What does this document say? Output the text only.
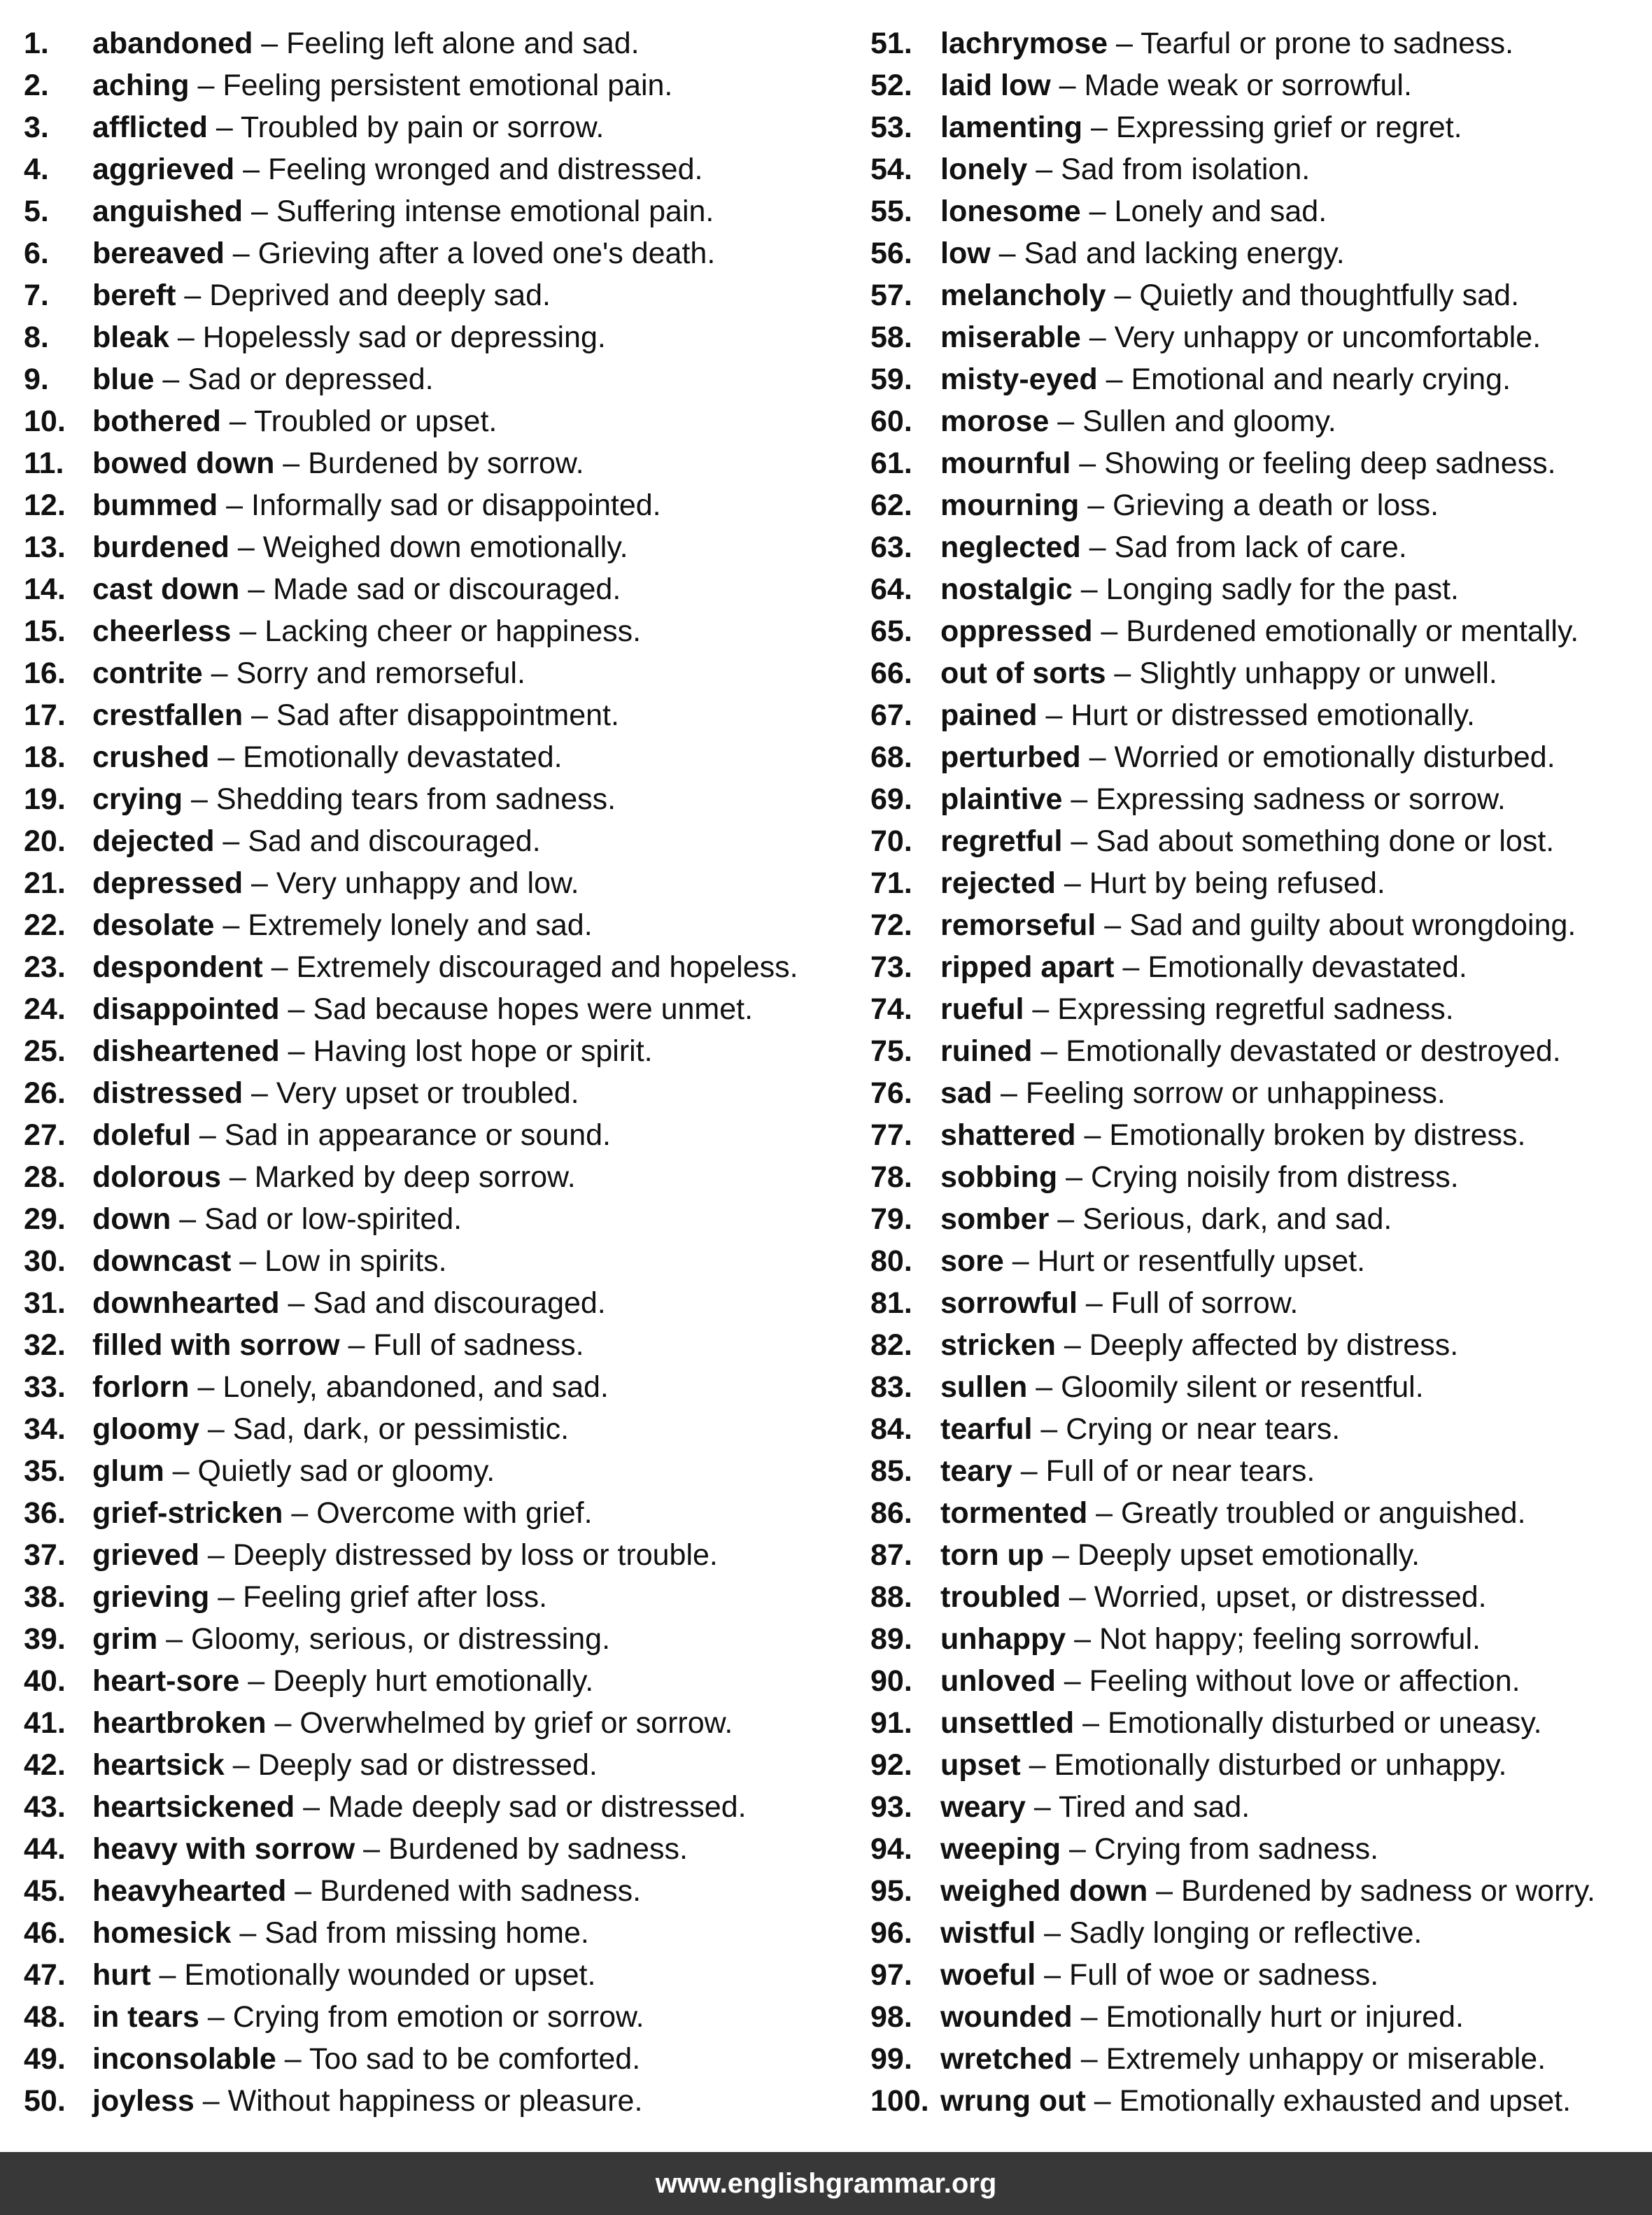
1. abandoned – Feeling left alone and sad.
2. aching – Feeling persistent emotional pain.
3. afflicted – Troubled by pain or sorrow.
4. aggrieved – Feeling wronged and distressed.
5. anguished – Suffering intense emotional pain.
6. bereaved – Grieving after a loved one's death.
7. bereft – Deprived and deeply sad.
8. bleak – Hopelessly sad or depressing.
9. blue – Sad or depressed.
10. bothered – Troubled or upset.
11. bowed down – Burdened by sorrow.
12. bummed – Informally sad or disappointed.
13. burdened – Weighed down emotionally.
14. cast down – Made sad or discouraged.
15. cheerless – Lacking cheer or happiness.
16. contrite – Sorry and remorseful.
17. crestfallen – Sad after disappointment.
18. crushed – Emotionally devastated.
19. crying – Shedding tears from sadness.
20. dejected – Sad and discouraged.
21. depressed – Very unhappy and low.
22. desolate – Extremely lonely and sad.
23. despondent – Extremely discouraged and hopeless.
24. disappointed – Sad because hopes were unmet.
25. disheartened – Having lost hope or spirit.
26. distressed – Very upset or troubled.
27. doleful – Sad in appearance or sound.
28. dolorous – Marked by deep sorrow.
29. down – Sad or low-spirited.
30. downcast – Low in spirits.
31. downhearted – Sad and discouraged.
32. filled with sorrow – Full of sadness.
33. forlorn – Lonely, abandoned, and sad.
34. gloomy – Sad, dark, or pessimistic.
35. glum – Quietly sad or gloomy.
36. grief-stricken – Overcome with grief.
37. grieved – Deeply distressed by loss or trouble.
38. grieving – Feeling grief after loss.
39. grim – Gloomy, serious, or distressing.
40. heart-sore – Deeply hurt emotionally.
41. heartbroken – Overwhelmed by grief or sorrow.
42. heartsick – Deeply sad or distressed.
43. heartsickened – Made deeply sad or distressed.
44. heavy with sorrow – Burdened by sadness.
45. heavyhearted – Burdened with sadness.
46. homesick – Sad from missing home.
47. hurt – Emotionally wounded or upset.
48. in tears – Crying from emotion or sorrow.
49. inconsolable – Too sad to be comforted.
50. joyless – Without happiness or pleasure.
51. lachrymose – Tearful or prone to sadness.
52. laid low – Made weak or sorrowful.
53. lamenting – Expressing grief or regret.
54. lonely – Sad from isolation.
55. lonesome – Lonely and sad.
56. low – Sad and lacking energy.
57. melancholy – Quietly and thoughtfully sad.
58. miserable – Very unhappy or uncomfortable.
59. misty-eyed – Emotional and nearly crying.
60. morose – Sullen and gloomy.
61. mournful – Showing or feeling deep sadness.
62. mourning – Grieving a death or loss.
63. neglected – Sad from lack of care.
64. nostalgic – Longing sadly for the past.
65. oppressed – Burdened emotionally or mentally.
66. out of sorts – Slightly unhappy or unwell.
67. pained – Hurt or distressed emotionally.
68. perturbed – Worried or emotionally disturbed.
69. plaintive – Expressing sadness or sorrow.
70. regretful – Sad about something done or lost.
71. rejected – Hurt by being refused.
72. remorseful – Sad and guilty about wrongdoing.
73. ripped apart – Emotionally devastated.
74. rueful – Expressing regretful sadness.
75. ruined – Emotionally devastated or destroyed.
76. sad – Feeling sorrow or unhappiness.
77. shattered – Emotionally broken by distress.
78. sobbing – Crying noisily from distress.
79. somber – Serious, dark, and sad.
80. sore – Hurt or resentfully upset.
81. sorrowful – Full of sorrow.
82. stricken – Deeply affected by distress.
83. sullen – Gloomily silent or resentful.
84. tearful – Crying or near tears.
85. teary – Full of or near tears.
86. tormented – Greatly troubled or anguished.
87. torn up – Deeply upset emotionally.
88. troubled – Worried, upset, or distressed.
89. unhappy – Not happy; feeling sorrowful.
90. unloved – Feeling without love or affection.
91. unsettled – Emotionally disturbed or uneasy.
92. upset – Emotionally disturbed or unhappy.
93. weary – Tired and sad.
94. weeping – Crying from sadness.
95. weighed down – Burdened by sadness or worry.
96. wistful – Sadly longing or reflective.
97. woeful – Full of woe or sadness.
98. wounded – Emotionally hurt or injured.
99. wretched – Extremely unhappy or miserable.
100. wrung out – Emotionally exhausted and upset.
www.englishgrammar.org
